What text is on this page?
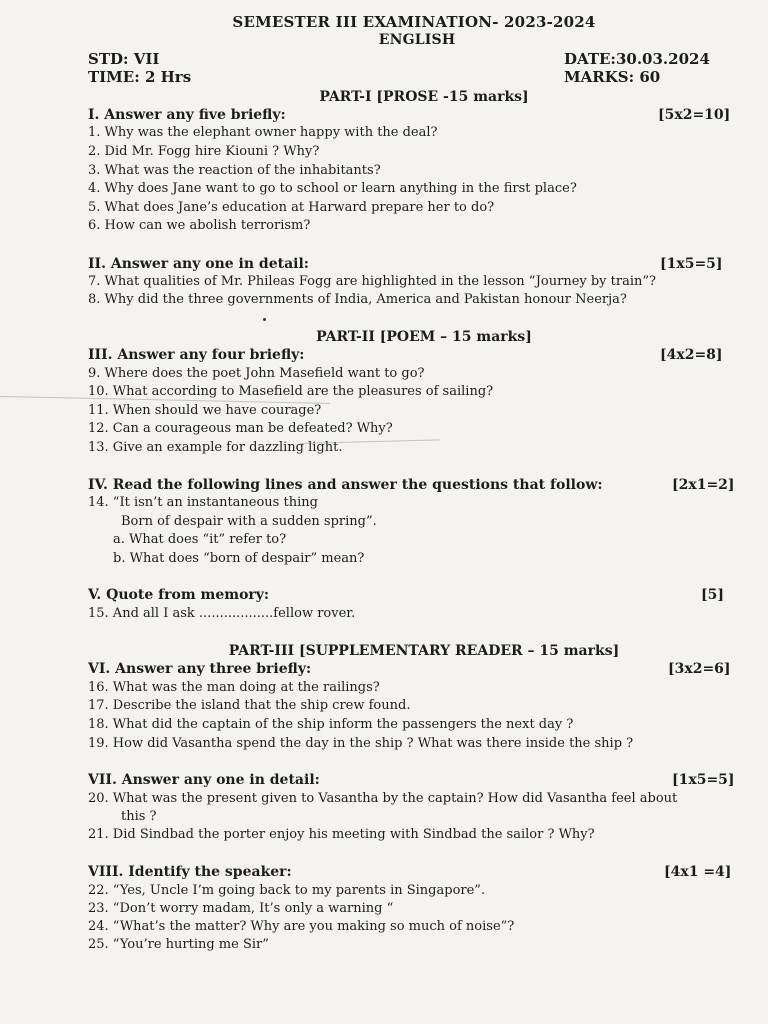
SEMESTER III EXAMINATION- 2023-2024
ENGLISH
STD: VII	DATE:30.03.2024
TIME: 2 Hrs	MARKS: 60
PART-I [PROSE -15 marks]
I. Answer any five briefly:	[5x2=10]
1. Why was the elephant owner happy with the deal?
2. Did Mr. Fogg hire Kiouni ? Why?
3. What was the reaction of the inhabitants?
4. Why does Jane want to go to school or learn anything in the first place?
5. What does Jane’s education at Harward prepare her to do?
6. How can we abolish terrorism?
II. Answer any one in detail:	[1x5=5]
7. What qualities of Mr. Phileas Fogg are highlighted in the lesson “Journey by train”?
8. Why did the three governments of India, America and Pakistan honour Neerja?
PART-II [POEM – 15 marks]
III. Answer any four briefly:	[4x2=8]
9. Where does the poet John Masefield want to go?
10. What according to Masefield are the pleasures of sailing?
11. When should we have courage?
12. Can a courageous man be defeated? Why?
13. Give an example for dazzling light.
IV. Read the following lines and answer the questions that follow:	[2x1=2]
14. “It isn’t an instantaneous thing
Born of despair with a sudden spring”.
a. What does “it” refer to?
b. What does “born of despair” mean?
V. Quote from memory:	[5]
15. And all I ask ..................fellow rover.
PART-III [SUPPLEMENTARY READER – 15 marks]
VI. Answer any three briefly:	[3x2=6]
16. What was the man doing at the railings?
17. Describe the island that the ship crew found.
18. What did the captain of the ship inform the passengers the next day ?
19. How did Vasantha spend the day in the ship ? What was there inside the ship ?
VII. Answer any one in detail:	[1x5=5]
20. What was the present given to Vasantha by the captain? How did Vasantha feel about
this ?
21. Did Sindbad the porter enjoy his meeting with Sindbad the sailor ? Why?
VIII. Identify the speaker:	[4x1 =4]
22. “Yes, Uncle I’m going back to my parents in Singapore”.
23. “Don’t worry madam, It’s only a warning “
24. “What’s the matter? Why are you making so much of noise”?
25. “You’re hurting me Sir”
